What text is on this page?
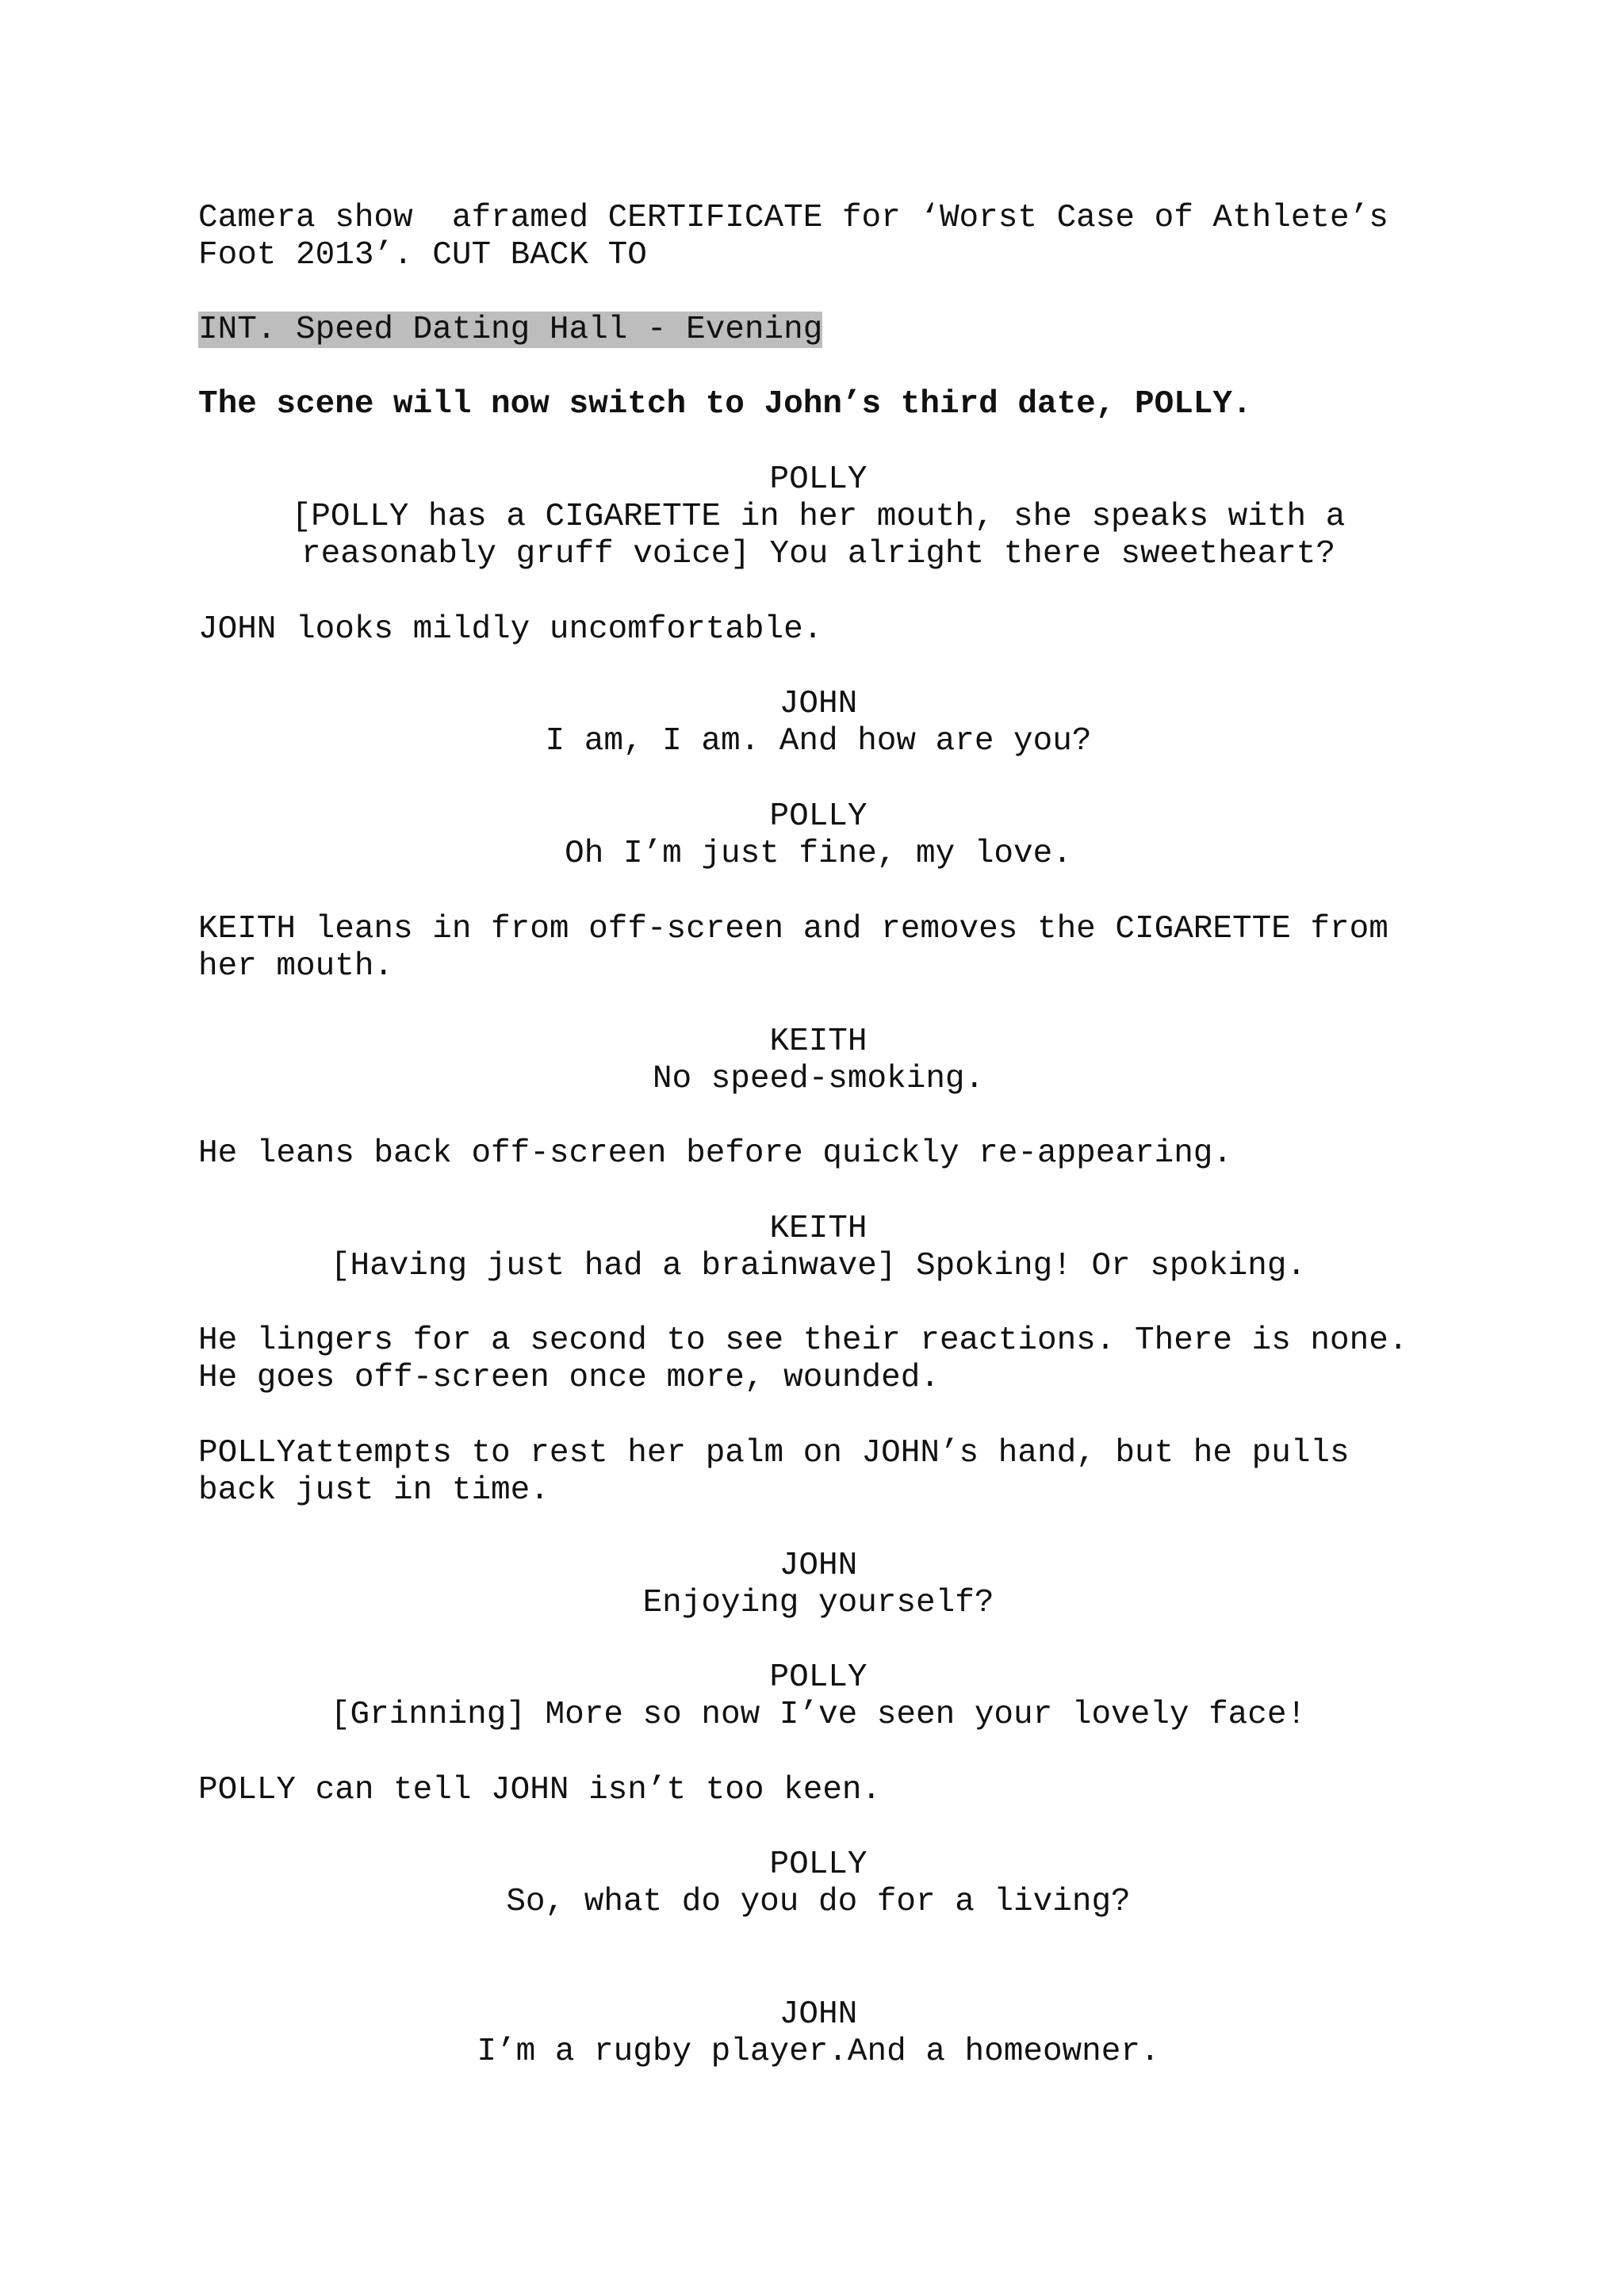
Camera show  aframed CERTIFICATE for ‘Worst Case of Athlete’s
Foot 2013’. CUT BACK TO
INT. Speed Dating Hall - Evening
The scene will now switch to John’s third date, POLLY.
POLLY
[POLLY has a CIGARETTE in her mouth, she speaks with a
reasonably gruff voice] You alright there sweetheart?
JOHN looks mildly uncomfortable.
JOHN
I am, I am. And how are you?
POLLY
Oh I’m just fine, my love.
KEITH leans in from off-screen and removes the CIGARETTE from
her mouth.
KEITH
No speed-smoking.
He leans back off-screen before quickly re-appearing.
KEITH
[Having just had a brainwave] Spoking! Or spoking.
He lingers for a second to see their reactions. There is none.
He goes off-screen once more, wounded.
POLLYattempts to rest her palm on JOHN’s hand, but he pulls
back just in time.
JOHN
Enjoying yourself?
POLLY
[Grinning] More so now I’ve seen your lovely face!
POLLY can tell JOHN isn’t too keen.
POLLY
So, what do you do for a living?
JOHN
I’m a rugby player.And a homeowner.
